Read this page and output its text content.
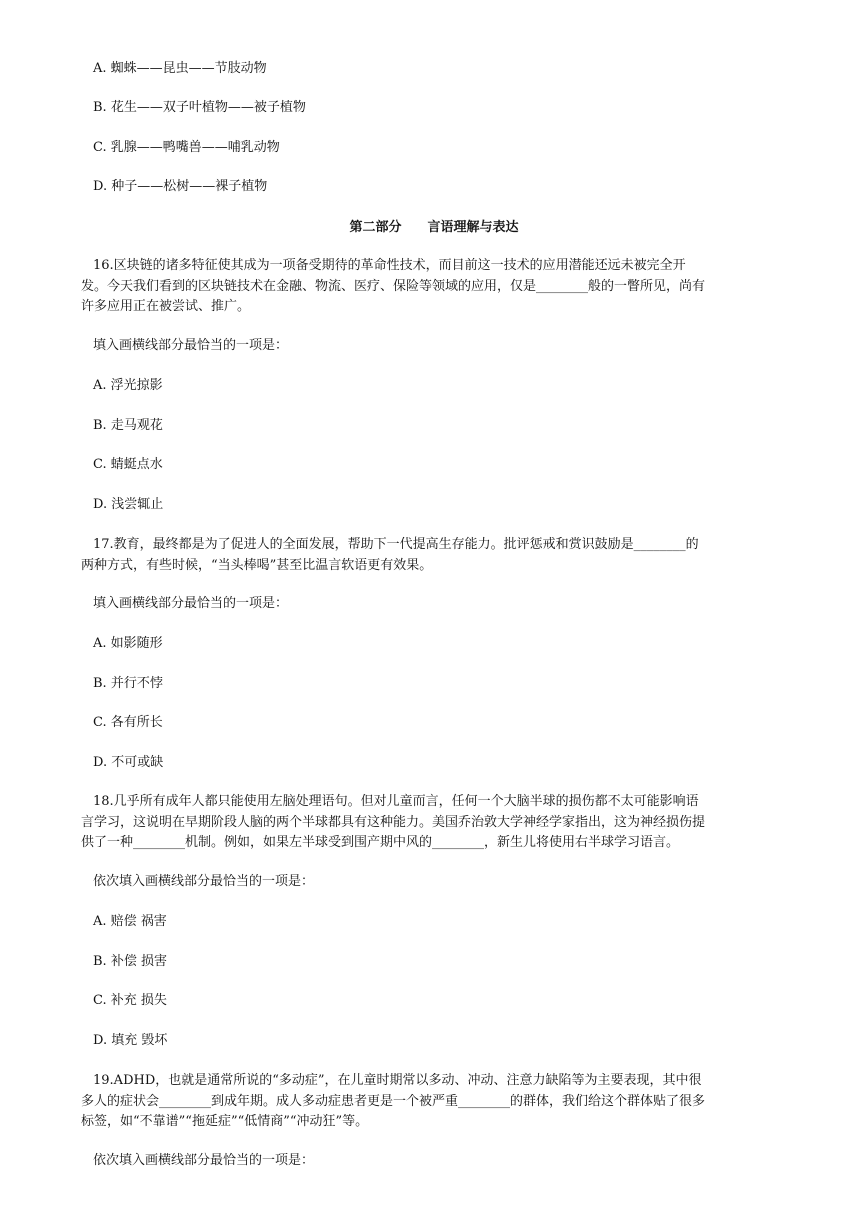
A. 蜘蛛——昆虫——节肢动物
B. 花生——双子叶植物——被子植物
C. 乳腺——鸭嘴兽——哺乳动物
D. 种子——松树——裸子植物
第二部分 言语理解与表达
16.区块链的诸多特征使其成为一项备受期待的革命性技术，而目前这一技术的应用潜能还远未被完全开
发。今天我们看到的区块链技术在金融、物流、医疗、保险等领域的应用，仅是________般的一瞥所见，尚有
许多应用正在被尝试、推广。
填入画横线部分最恰当的一项是：
A. 浮光掠影
B. 走马观花
C. 蜻蜓点水
D. 浅尝辄止
17.教育，最终都是为了促进人的全面发展，帮助下一代提高生存能力。批评惩戒和赏识鼓励是________的
两种方式，有些时候，“当头棒喝”甚至比温言软语更有效果。
填入画横线部分最恰当的一项是：
A. 如影随形
B. 并行不悖
C. 各有所长
D. 不可或缺
18.几乎所有成年人都只能使用左脑处理语句。但对儿童而言，任何一个大脑半球的损伤都不太可能影响语
言学习，这说明在早期阶段人脑的两个半球都具有这种能力。美国乔治敦大学神经学家指出，这为神经损伤提
供了一种________机制。例如，如果左半球受到围产期中风的________，新生儿将使用右半球学习语言。
依次填入画横线部分最恰当的一项是：
A. 赔偿 祸害
B. 补偿 损害
C. 补充 损失
D. 填充 毁坏
19.ADHD，也就是通常所说的“多动症”，在儿童时期常以多动、冲动、注意力缺陷等为主要表现，其中很
多人的症状会________到成年期。成人多动症患者更是一个被严重________的群体，我们给这个群体贴了很多
标签，如“不靠谱”“拖延症”“低情商”“冲动狂”等。
依次填入画横线部分最恰当的一项是：
